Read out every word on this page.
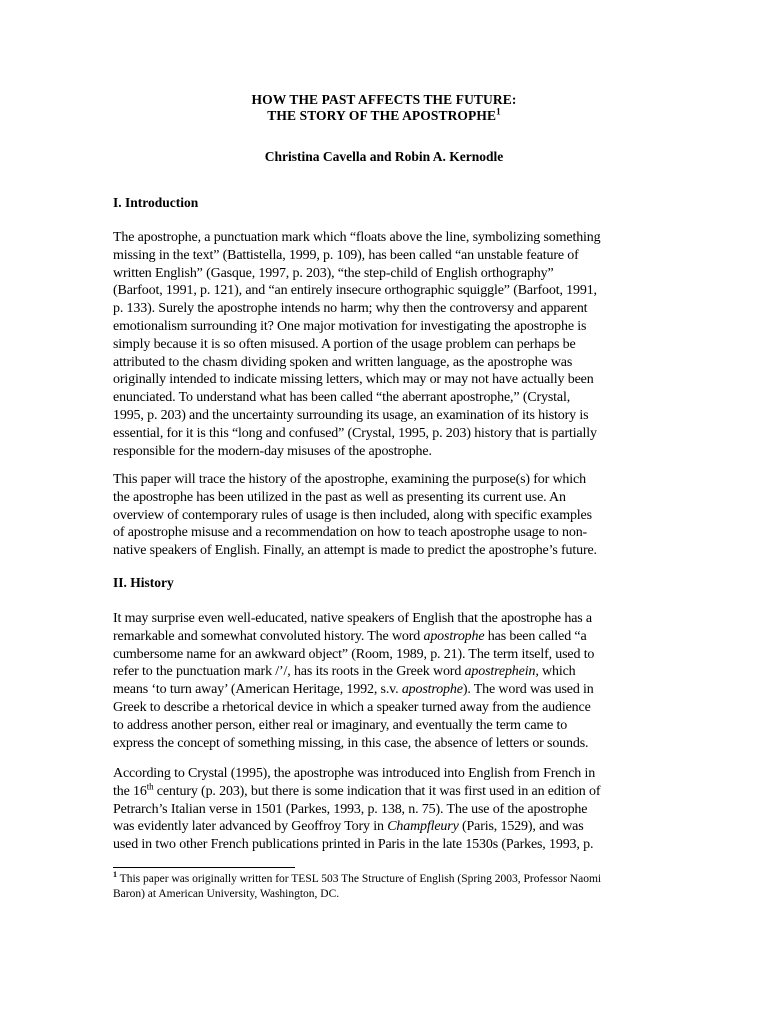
HOW THE PAST AFFECTS THE FUTURE:
THE STORY OF THE APOSTROPHE$^1$
Christina Cavella and Robin A. Kernodle
I. Introduction
The apostrophe, a punctuation mark which “floats above the line, symbolizing something
missing in the text” (Battistella, 1999, p. 109), has been called “an unstable feature of
written English” (Gasque, 1997, p. 203), “the step-child of English orthography”
(Barfoot, 1991, p. 121), and “an entirely insecure orthographic squiggle” (Barfoot, 1991,
p. 133). Surely the apostrophe intends no harm; why then the controversy and apparent
emotionalism surrounding it? One major motivation for investigating the apostrophe is
simply because it is so often misused. A portion of the usage problem can perhaps be
attributed to the chasm dividing spoken and written language, as the apostrophe was
originally intended to indicate missing letters, which may or may not have actually been
enunciated. To understand what has been called “the aberrant apostrophe,” (Crystal,
1995, p. 203) and the uncertainty surrounding its usage, an examination of its history is
essential, for it is this “long and confused” (Crystal, 1995, p. 203) history that is partially
responsible for the modern-day misuses of the apostrophe.
This paper will trace the history of the apostrophe, examining the purpose(s) for which
the apostrophe has been utilized in the past as well as presenting its current use. An
overview of contemporary rules of usage is then included, along with specific examples
of apostrophe misuse and a recommendation on how to teach apostrophe usage to non-
native speakers of English. Finally, an attempt is made to predict the apostrophe’s future.
II. History
It may surprise even well-educated, native speakers of English that the apostrophe has a
remarkable and somewhat convoluted history. The word apostrophe has been called “a
cumbersome name for an awkward object” (Room, 1989, p. 21). The term itself, used to
refer to the punctuation mark /’/, has its roots in the Greek word apostrephein, which
means ‘to turn away’ (American Heritage, 1992, s.v. apostrophe). The word was used in
Greek to describe a rhetorical device in which a speaker turned away from the audience
to address another person, either real or imaginary, and eventually the term came to
express the concept of something missing, in this case, the absence of letters or sounds.
According to Crystal (1995), the apostrophe was introduced into English from French in
the 16th century (p. 203), but there is some indication that it was first used in an edition of
Petrarch’s Italian verse in 1501 (Parkes, 1993, p. 138, n. 75). The use of the apostrophe
was evidently later advanced by Geoffroy Tory in Champfleury (Paris, 1529), and was
used in two other French publications printed in Paris in the late 1530s (Parkes, 1993, p.
$^1$ This paper was originally written for TESL 503 The Structure of English (Spring 2003, Professor Naomi
Baron) at American University, Washington, DC.
